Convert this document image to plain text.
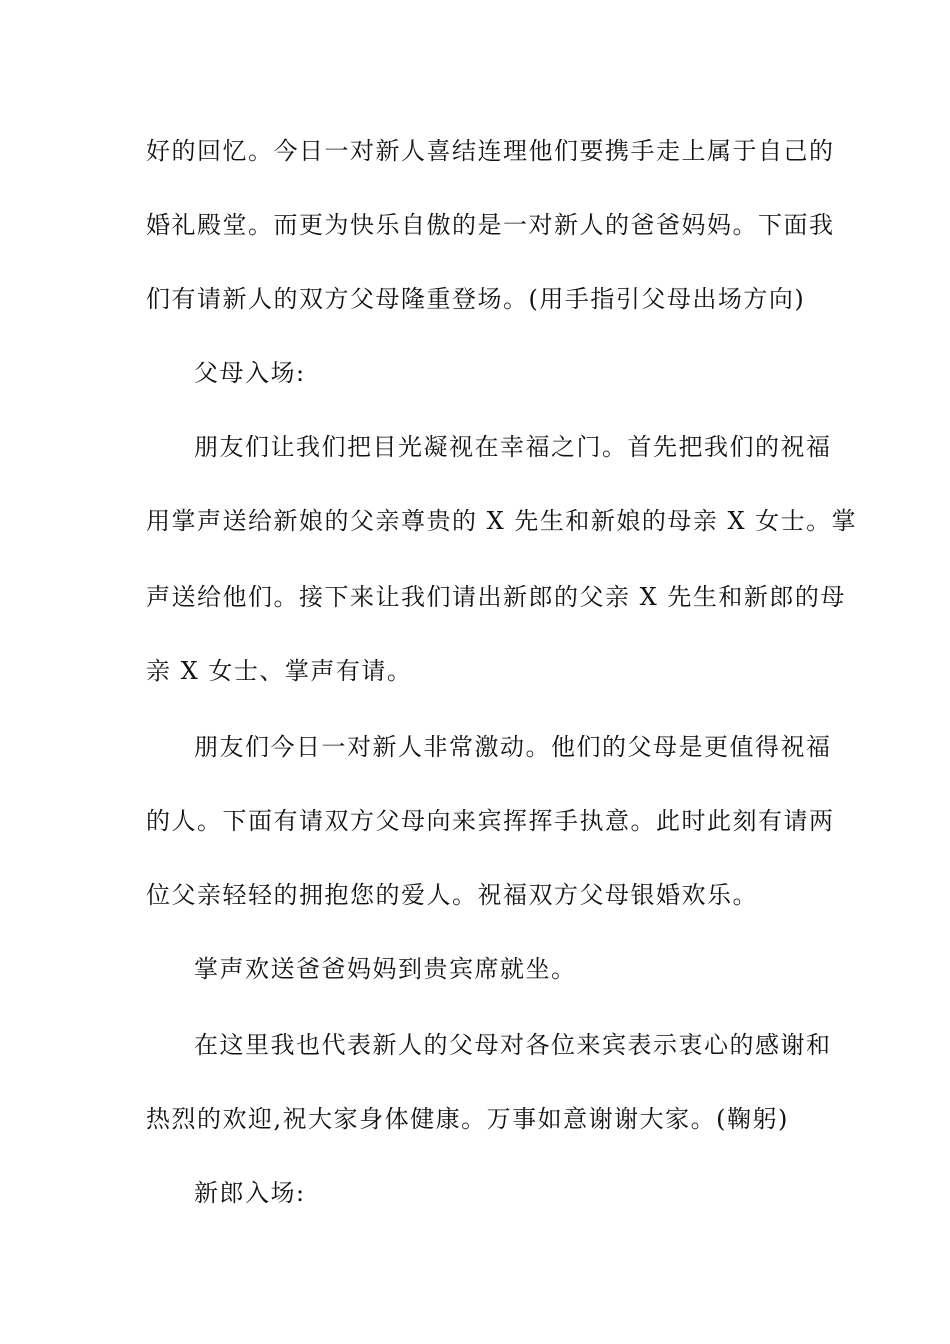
好的回忆。今日一对新人喜结连理他们要携手走上属于自己的
婚礼殿堂。而更为快乐自傲的是一对新人的爸爸妈妈。下面我
们有请新人的双方父母隆重登场。(用手指引父母出场方向)
父母入场:
朋友们让我们把目光凝视在幸福之门。首先把我们的祝福
用掌声送给新娘的父亲尊贵的 X 先生和新娘的母亲 X 女士。掌
声送给他们。接下来让我们请出新郎的父亲 X 先生和新郎的母
亲 X 女士、掌声有请。
朋友们今日一对新人非常激动。他们的父母是更值得祝福
的人。下面有请双方父母向来宾挥挥手执意。此时此刻有请两
位父亲轻轻的拥抱您的爱人。祝福双方父母银婚欢乐。
掌声欢送爸爸妈妈到贵宾席就坐。
在这里我也代表新人的父母对各位来宾表示衷心的感谢和
热烈的欢迎,祝大家身体健康。万事如意谢谢大家。(鞠躬)
新郎入场:
